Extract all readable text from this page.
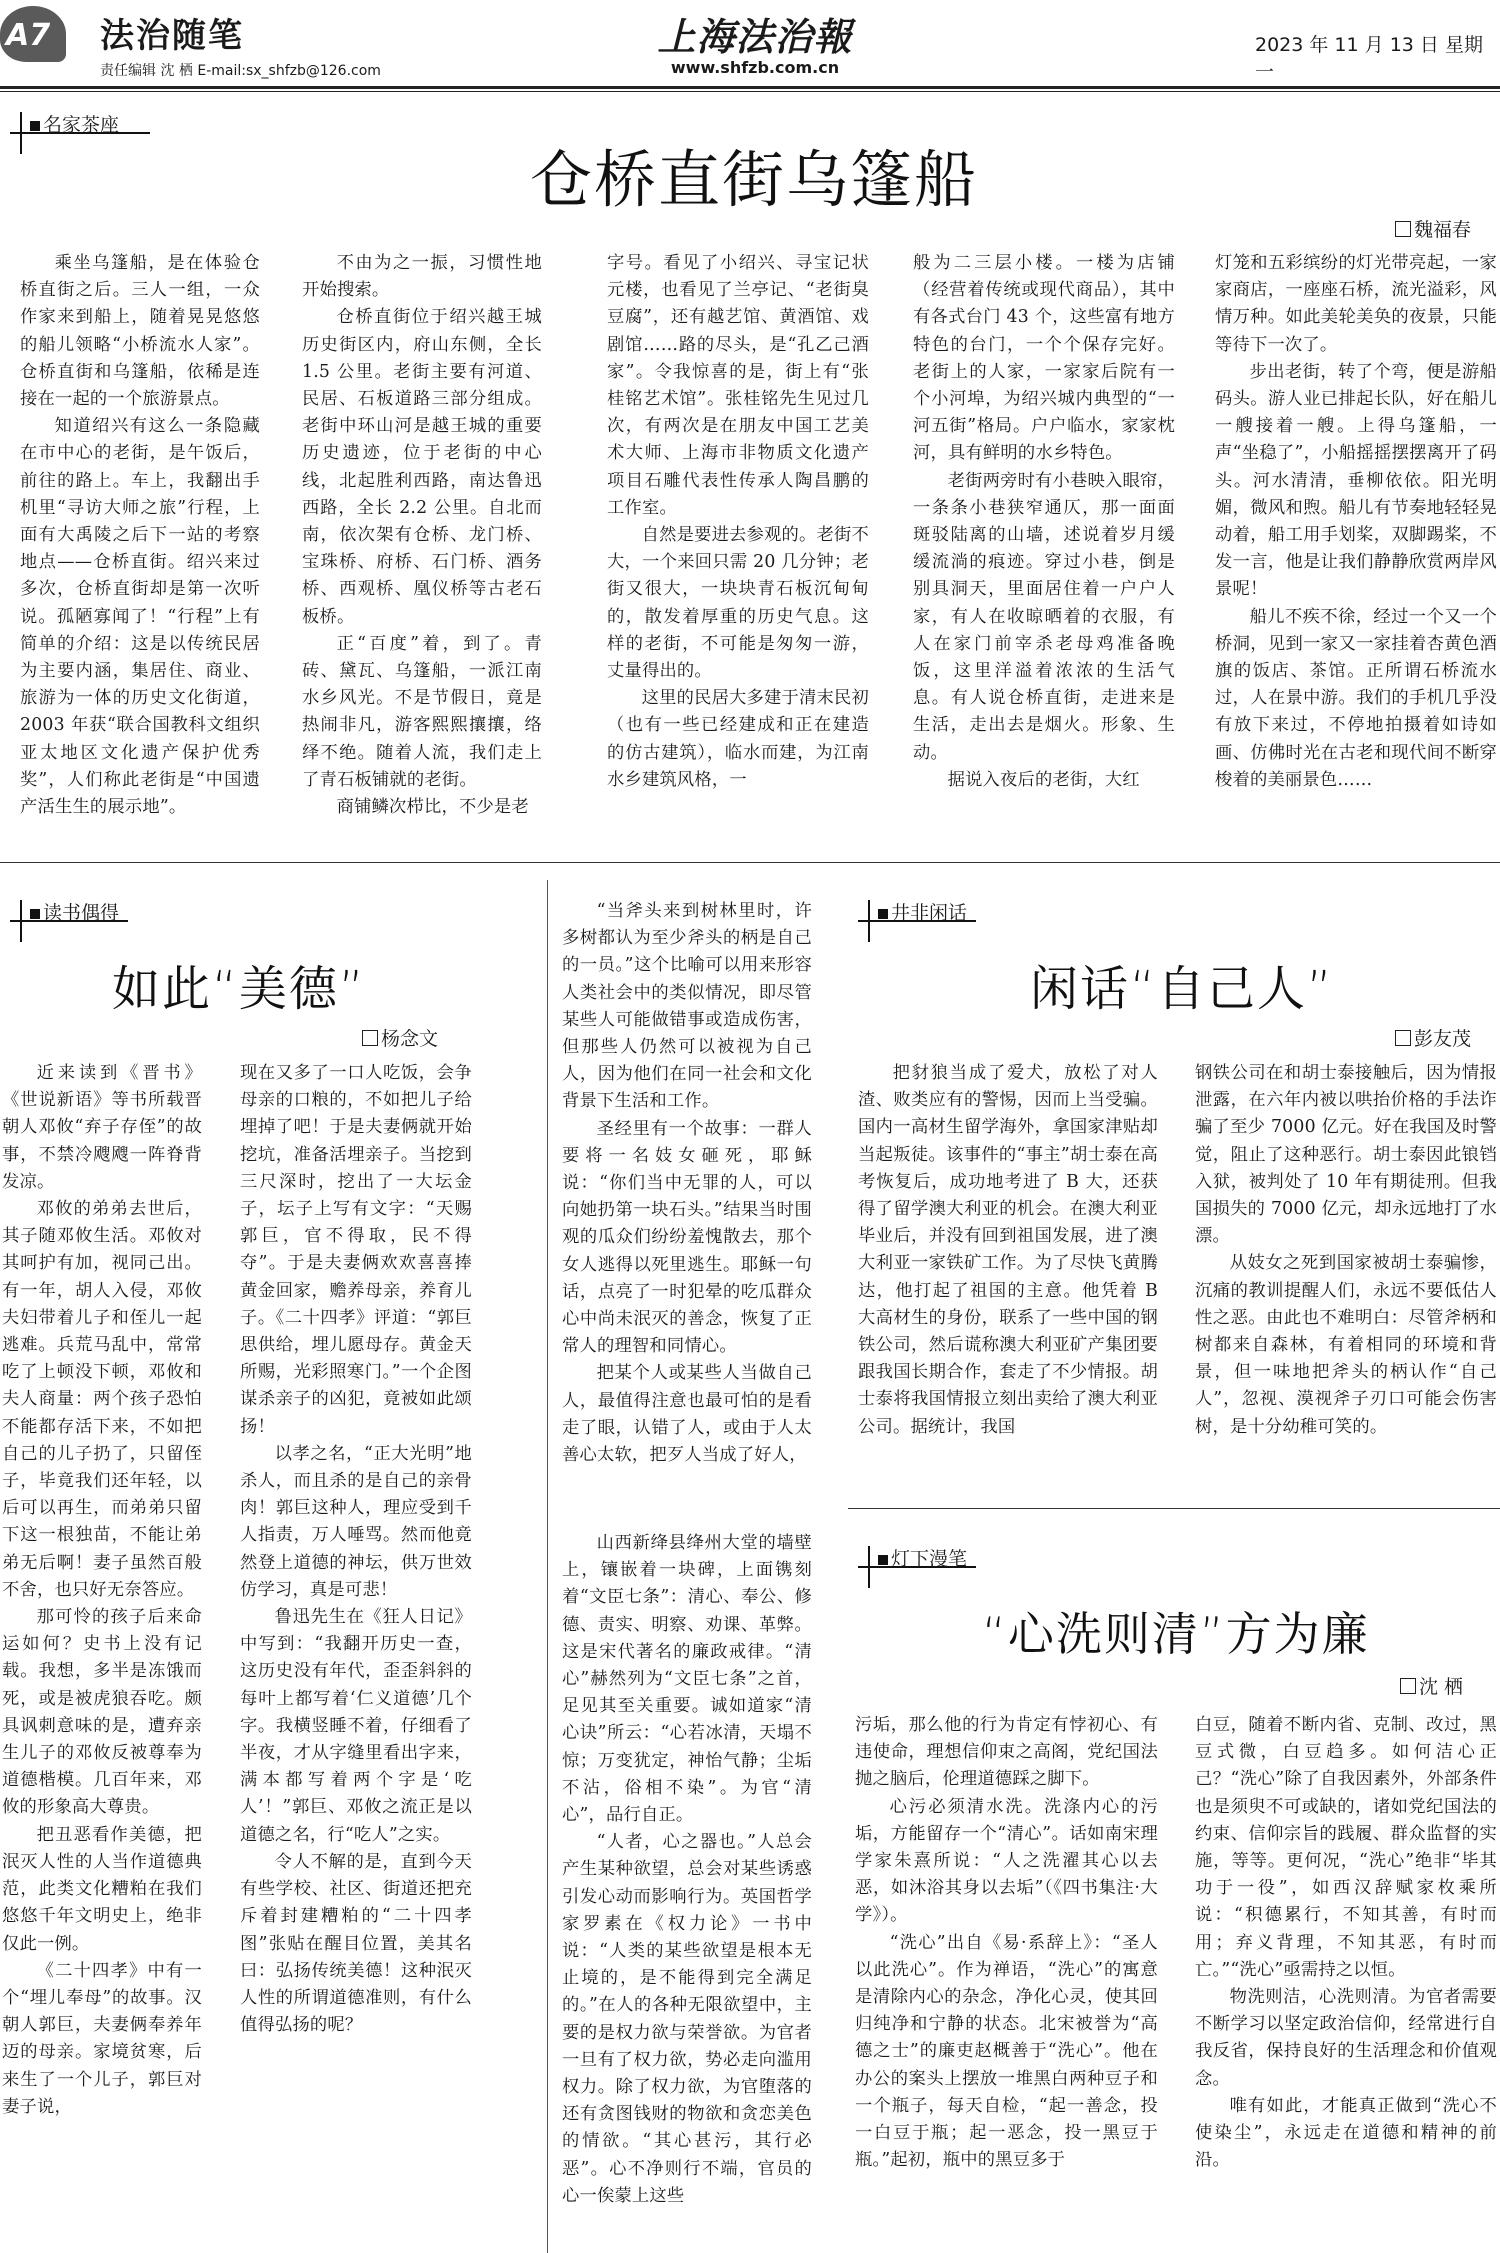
A7 法治随笔
责任编辑 沈 栖 E-mail:sx_shfzb@126.com
上海法治報
www.shfzb.com.cn
2023 年 11 月 13 日 星期一
名家茶座
仓桥直街乌篷船
魏福春

乘坐乌篷船，是在体验仓桥直街之后。三人一组，一众作家来到船上，随着晃晃悠悠的船儿领略“小桥流水人家”。仓桥直街和乌篷船，依稀是连接在一起的一个旅游景点。

知道绍兴有这么一条隐藏在市中心的老街，是午饭后，前往的路上。车上，我翻出手机里“寻访大师之旅”行程，上面有大禹陵之后下一站的考察地点——仓桥直街。绍兴来过多次，仓桥直街却是第一次听说。孤陋寡闻了！“行程”上有简单的介绍：这是以传统民居为主要内涵，集居住、商业、旅游为一体的历史文化街道，2003 年获“联合国教科文组织亚太地区文化遗产保护优秀奖”，人们称此老街是“中国遗产活生生的展示地”。

不由为之一振，习惯性地开始搜索。

仓桥直街位于绍兴越王城历史街区内，府山东侧，全长 1.5 公里。老街主要有河道、民居、石板道路三部分组成。老街中环山河是越王城的重要历史遗迹，位于老街的中心线，北起胜利西路，南达鲁迅西路，全长 2.2 公里。自北而南，依次架有仓桥、龙门桥、宝珠桥、府桥、石门桥、酒务桥、西观桥、凰仪桥等古老石板桥。

正“百度”着，到了。青砖、黛瓦、乌篷船，一派江南水乡风光。不是节假日，竟是热闹非凡，游客熙熙攘攘，络绎不绝。随着人流，我们走上了青石板铺就的老街。

商铺鳞次栉比，不少是老

字号。看见了小绍兴、寻宝记状元楼，也看见了兰亭记、“老街臭豆腐”，还有越艺馆、黄酒馆、戏剧馆……路的尽头，是“孔乙己酒家”。令我惊喜的是，街上有“张桂铭艺术馆”。张桂铭先生见过几次，有两次是在朋友中国工艺美术大师、上海市非物质文化遗产项目石雕代表性传承人陶昌鹏的工作室。

自然是要进去参观的。老街不大，一个来回只需 20 几分钟；老街又很大，一块块青石板沉甸甸的，散发着厚重的历史气息。这样的老街，不可能是匆匆一游，丈量得出的。

这里的民居大多建于清末民初（也有一些已经建成和正在建造的仿古建筑），临水而建，为江南水乡建筑风格，一

般为二三层小楼。一楼为店铺（经营着传统或现代商品），其中有各式台门 43 个，这些富有地方特色的台门，一个个保存完好。老街上的人家，一家家后院有一个小河埠，为绍兴城内典型的“一河五街”格局。户户临水，家家枕河，具有鲜明的水乡特色。

老街两旁时有小巷映入眼帘，一条条小巷狭窄通仄，那一面面斑驳陆离的山墙，述说着岁月缓缓流淌的痕迹。穿过小巷，倒是别具洞天，里面居住着一户户人家，有人在收晾晒着的衣服，有人在家门前宰杀老母鸡准备晚饭，这里洋溢着浓浓的生活气息。有人说仓桥直街，走进来是生活，走出去是烟火。形象、生动。

据说入夜后的老街，大红

灯笼和五彩缤纷的灯光带亮起，一家家商店，一座座石桥，流光溢彩，风情万种。如此美轮美奂的夜景，只能等待下一次了。

步出老街，转了个弯，便是游船码头。游人业已排起长队，好在船儿一艘接着一艘。上得乌篷船，一声“坐稳了”，小船摇摇摆摆离开了码头。河水清清，垂柳依依。阳光明媚，微风和煦。船儿有节奏地轻轻晃动着，船工用手划桨，双脚踢桨，不发一言，他是让我们静静欣赏两岸风景呢！

船儿不疾不徐，经过一个又一个桥洞，见到一家又一家挂着杏黄色酒旗的饭店、茶馆。正所谓石桥流水过，人在景中游。我们的手机几乎没有放下来过，不停地拍摄着如诗如画、仿佛时光在古老和现代间不断穿梭着的美丽景色……

读书偶得
如此“美德”
杨念文

近来读到《晋书》《世说新语》等书所载晋朝人邓攸“弃子存侄”的故事，不禁冷飕飕一阵脊背发凉。

邓攸的弟弟去世后，其子随邓攸生活。邓攸对其呵护有加，视同己出。有一年，胡人入侵，邓攸夫妇带着儿子和侄儿一起逃难。兵荒马乱中，常常吃了上顿没下顿，邓攸和夫人商量：两个孩子恐怕不能都存活下来，不如把自己的儿子扔了，只留侄子，毕竟我们还年轻，以后可以再生，而弟弟只留下这一根独苗，不能让弟弟无后啊！妻子虽然百般不舍，也只好无奈答应。

那可怜的孩子后来命运如何？史书上没有记载。我想，多半是冻饿而死，或是被虎狼吞吃。颇具讽刺意味的是，遭弃亲生儿子的邓攸反被尊奉为道德楷模。几百年来，邓攸的形象高大尊贵。

把丑恶看作美德，把泯灭人性的人当作道德典范，此类文化糟粕在我们悠悠千年文明史上，绝非仅此一例。

《二十四孝》中有一个“埋儿奉母”的故事。汉朝人郭巨，夫妻俩奉养年迈的母亲。家境贫寒，后来生了一个儿子，郭巨对妻子说，

现在又多了一口人吃饭，会争母亲的口粮的，不如把儿子给埋掉了吧！于是夫妻俩就开始挖坑，准备活埋亲子。当挖到三尺深时，挖出了一大坛金子，坛子上写有文字：“天赐郭巨，官不得取，民不得夺”。于是夫妻俩欢欢喜喜捧黄金回家，赡养母亲，养育儿子。《二十四孝》评道：“郭巨思供给，埋儿愿母存。黄金天所赐，光彩照寒门。”一个企图谋杀亲子的凶犯，竟被如此颂扬！

以孝之名，“正大光明”地杀人，而且杀的是自己的亲骨肉！郭巨这种人，理应受到千人指责，万人唾骂。然而他竟然登上道德的神坛，供万世效仿学习，真是可悲！

鲁迅先生在《狂人日记》中写到：“我翻开历史一查，这历史没有年代，歪歪斜斜的每叶上都写着‘仁义道德’几个字。我横竖睡不着，仔细看了半夜，才从字缝里看出字来，满本都写着两个字是‘吃人’！”郭巨、邓攸之流正是以道德之名，行“吃人”之实。

令人不解的是，直到今天有些学校、社区、街道还把充斥着封建糟粕的“二十四孝图”张贴在醒目位置，美其名曰：弘扬传统美德！这种泯灭人性的所谓道德准则，有什么值得弘扬的呢？

“当斧头来到树林里时，许多树都认为至少斧头的柄是自己的一员。”这个比喻可以用来形容人类社会中的类似情况，即尽管某些人可能做错事或造成伤害，但那些人仍然可以被视为自己人，因为他们在同一社会和文化背景下生活和工作。

圣经里有一个故事：一群人要将一名妓女砸死，耶稣说：“你们当中无罪的人，可以向她扔第一块石头。”结果当时围观的瓜众们纷纷羞愧散去，那个女人逃得以死里逃生。耶稣一句话，点亮了一时犯晕的吃瓜群众心中尚未泯灭的善念，恢复了正常人的理智和同情心。

把某个人或某些人当做自己人，最值得注意也最可怕的是看走了眼，认错了人，或由于人太善心太软，把歹人当成了好人，

井非闲话
闲话“自己人”
彭友茂

把豺狼当成了爱犬，放松了对人渣、败类应有的警惕，因而上当受骗。国内一高材生留学海外，拿国家津贴却当起叛徒。该事件的“事主”胡士泰在高考恢复后，成功地考进了 B 大，还获得了留学澳大利亚的机会。在澳大利亚毕业后，并没有回到祖国发展，进了澳大利亚一家铁矿工作。为了尽快飞黄腾达，他打起了祖国的主意。他凭着 B 大高材生的身份，联系了一些中国的钢铁公司，然后谎称澳大利亚矿产集团要跟我国长期合作，套走了不少情报。胡士泰将我国情报立刻出卖给了澳大利亚公司。据统计，我国

钢铁公司在和胡士泰接触后，因为情报泄露，在六年内被以哄抬价格的手法诈骗了至少 7000 亿元。好在我国及时警觉，阻止了这种恶行。胡士泰因此锒铛入狱，被判处了 10 年有期徒刑。但我国损失的 7000 亿元，却永远地打了水漂。

从妓女之死到国家被胡士泰骗惨，沉痛的教训提醒人们，永远不要低估人性之恶。由此也不难明白：尽管斧柄和树都来自森林，有着相同的环境和背景，但一味地把斧头的柄认作“自己人”，忽视、漠视斧子刃口可能会伤害树，是十分幼稚可笑的。

山西新绛县绛州大堂的墙壁上，镶嵌着一块碑，上面镌刻着“文臣七条”：清心、奉公、修德、责实、明察、劝课、革弊。这是宋代著名的廉政戒律。“清心”赫然列为“文臣七条”之首，足见其至关重要。诚如道家“清心诀”所云：“心若冰清，天塌不惊；万变犹定，神怡气静；尘垢不沾，俗相不染”。为官“清心”，品行自正。

“人者，心之器也。”人总会产生某种欲望，总会对某些诱惑引发心动而影响行为。英国哲学家罗素在《权力论》一书中说：“人类的某些欲望是根本无止境的，是不能得到完全满足的。”在人的各种无限欲望中，主要的是权力欲与荣誉欲。为官者一旦有了权力欲，势必走向滥用权力。除了权力欲，为官堕落的还有贪图钱财的物欲和贪恋美色的情欲。“其心甚污，其行必恶”。心不净则行不端，官员的心一俟蒙上这些

灯下漫笔
“心洗则清”方为廉
沈 栖

污垢，那么他的行为肯定有悖初心、有违使命，理想信仰束之高阁，党纪国法抛之脑后，伦理道德踩之脚下。

心污必须清水洗。洗涤内心的污垢，方能留存一个“清心”。话如南宋理学家朱熹所说：“人之洗濯其心以去恶，如沐浴其身以去垢”（《四书集注·大学》）。

“洗心”出自《易·系辞上》：“圣人以此洗心”。作为禅语，“洗心”的寓意是清除内心的杂念，净化心灵，使其回归纯净和宁静的状态。北宋被誉为“高德之士”的廉吏赵概善于“洗心”。他在办公的案头上摆放一堆黑白两种豆子和一个瓶子，每天自检，“起一善念，投一白豆于瓶；起一恶念，投一黑豆于瓶。”起初，瓶中的黑豆多于

白豆，随着不断内省、克制、改过，黑豆式微，白豆趋多。如何洁心正己？“洗心”除了自我因素外，外部条件也是须臾不可或缺的，诸如党纪国法的约束、信仰宗旨的践履、群众监督的实施，等等。更何况，“洗心”绝非“毕其功于一役”，如西汉辞赋家枚乘所说：“积德累行，不知其善，有时而用；弃义背理，不知其恶，有时而亡。”“洗心”亟需持之以恒。

物洗则洁，心洗则清。为官者需要不断学习以坚定政治信仰，经常进行自我反省，保持良好的生活理念和价值观念。

唯有如此，才能真正做到“洗心不使染尘”，永远走在道德和精神的前沿。
